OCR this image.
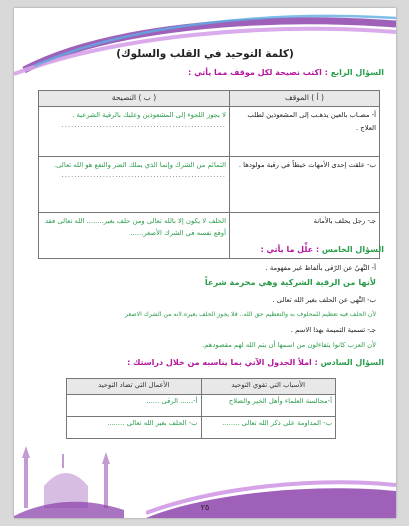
(كلمة التوحيد في القلب والسلوك)
السؤال الرابع : اكتب نصيحة لكل موقف مما يأتي :
( أ ) الموقف	( ب ) النصيحة
أ- مصـاب بالعين يذهـب إلى المشعوذين لطلب العلاج .	لا يجوز اللجوء إلى المشعوذين وعليك بالرقية الشرعية .
....................................................

ب- علقت إحدى الأمهات خيطاً في رقبة مولودها .	التمائم من الشرك وإنما الذي يملك الضر والنفع هو الله تعالى.
....................................................

جـ- رجل يحلف بالأمانة	الحلف لا يكون إلا بالله تعالى ومن حلف بغير........ الله تعالى فقد أوقع نفسه في الشرك الأصغر......
السؤال الخامس : علِّل ما يأتي :
أ- النَّهيُ عن الرّقى بألفاظ غير مفهومة .
لأنها من الرقية الشركية وهي محرمة شرعاً
ب- النَّهي عن الحلف بغير الله تعالى .
لأن الحلف فيه تعظيم للمحلوف به والتعظيم حق الله.. فلا يجوز الحلف بغيره.لانه من الشرك الاصغر
جـ- تسمية التميمة بهذا الاسم .
لأن العرب كانوا يتفاءلون من اسمها أن يتم الله لهم مقصودهم.
السؤال السادس : املأ الجدول الآتي بما يناسبه من خلال دراستك :
الأسباب التي تقوي التوحيد	الأعمال التي تضاد التوحيد
أ-مجالسة العلماء وأهل الخير والصلاح	أ-...... الرقى ......
ب- المداومة على ذكر الله تعالى ........	ب- الحلف بغير الله تعالى ........
٢٥
